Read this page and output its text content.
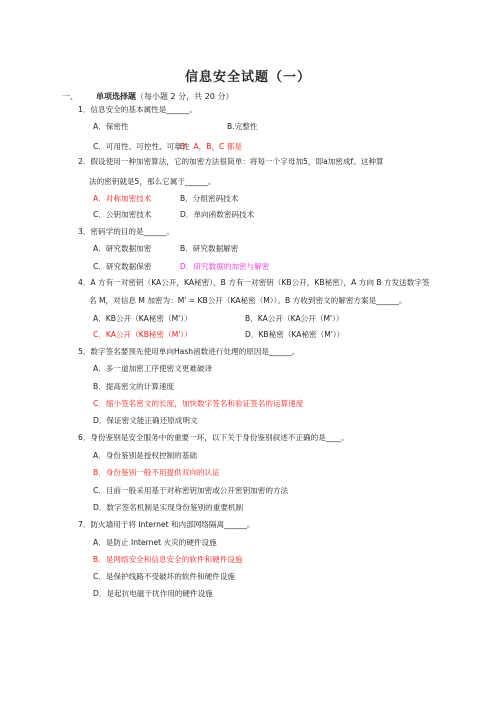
信息安全试题（一）
一、 单项选择题（每小题 2 分，共 20 分）
1．信息安全的基本属性是______。
A．保密性	B.完整性
C．可用性、可控性、可靠性
D．A，B，C 都是
2．假设使用一种加密算法，它的加密方法很简单：将每一个字母加5，即a加密成f。这种算
法的密钥就是5，那么它属于______。
A．对称加密技术	B．分组密码技术
C．公钥加密技术	D．单向函数密码技术
3．密码学的目的是______。
A．研究数据加密	B．研究数据解密
C．研究数据保密	D．研究数据的加密与解密
4．A 方有一对密钥（KA公开，KA秘密），B 方有一对密钥（KB公开，KB秘密），A 方向 B 方发送数字签
名 M，对信息 M 加密为：M' = KB公开（KA秘密（M））。B 方收到密文的解密方案是______。
A．KB公开（KA秘密（M'））	B．KA公开（KA公开（M'））
C．KA公开（KB秘密（M'））	D．KB秘密（KA秘密（M'））
5．数字签名要预先使用单向Hash函数进行处理的原因是______。
A．多一道加密工序使密文更难破译
B．提高密文的计算速度
C．缩小签名密文的长度，加快数字签名和验证签名的运算速度
D．保证密文能正确还原成明文
6．身份鉴别是安全服务中的重要一环，以下关于身份鉴别叙述不正确的是____。
A．身份鉴别是授权控制的基础
B．身份鉴别一般不用提供双向的认证
C．目前一般采用基于对称密钥加密或公开密钥加密的方法
D．数字签名机制是实现身份鉴别的重要机制
7．防火墙用于将 Internet 和内部网络隔离______。
A．是防止 Internet 火灾的硬件设施
B．是网络安全和信息安全的软件和硬件设施
C．是保护线路不受破坏的软件和硬件设施
D．是起抗电磁干扰作用的硬件设施
